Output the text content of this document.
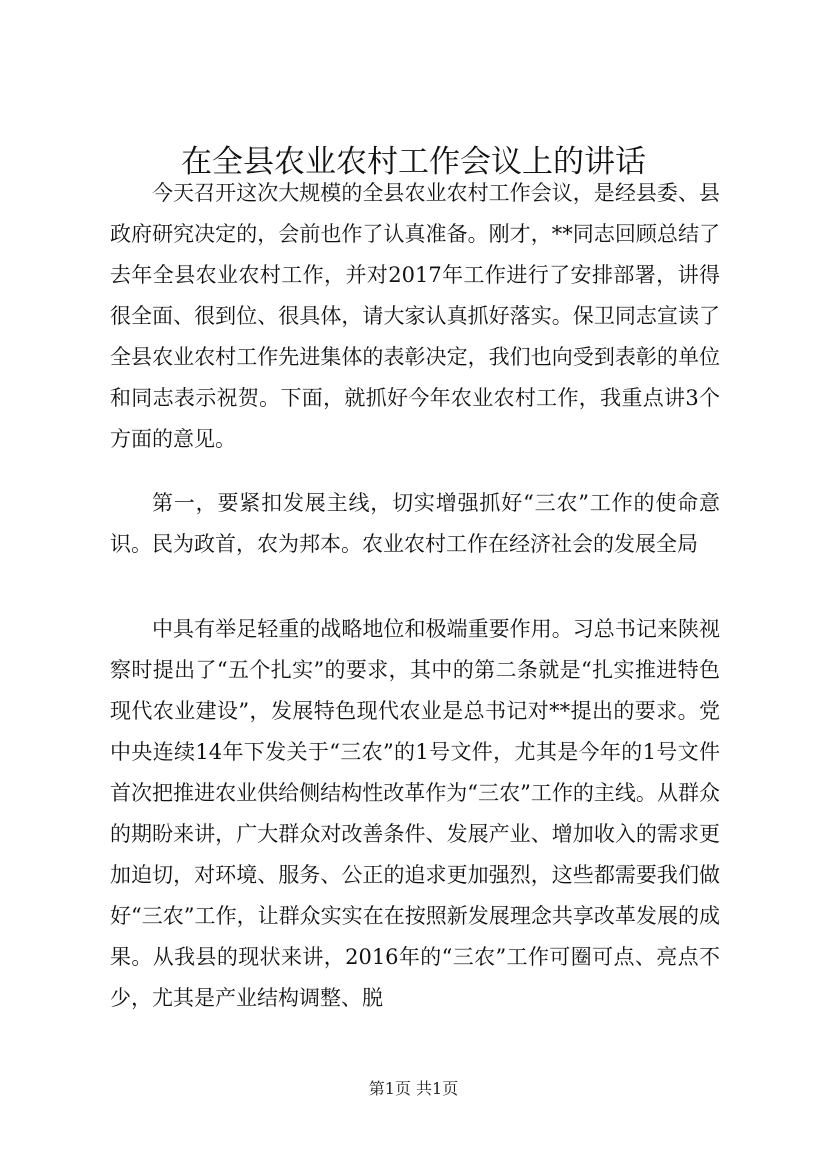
在全县农业农村工作会议上的讲话

今天召开这次大规模的全县农业农村工作会议，是经县委、县政府研究决定的，会前也作了认真准备。刚才，**同志回顾总结了去年全县农业农村工作，并对2017年工作进行了安排部署，讲得很全面、很到位、很具体，请大家认真抓好落实。保卫同志宣读了全县农业农村工作先进集体的表彰决定，我们也向受到表彰的单位和同志表示祝贺。下面，就抓好今年农业农村工作，我重点讲3个方面的意见。

第一，要紧扣发展主线，切实增强抓好“三农”工作的使命意识。民为政首，农为邦本。农业农村工作在经济社会的发展全局

中具有举足轻重的战略地位和极端重要作用。习总书记来陕视察时提出了“五个扎实”的要求，其中的第二条就是“扎实推进特色现代农业建设”，发展特色现代农业是总书记对**提出的要求。党中央连续14年下发关于“三农”的1号文件，尤其是今年的1号文件首次把推进农业供给侧结构性改革作为“三农”工作的主线。从群众的期盼来讲，广大群众对改善条件、发展产业、增加收入的需求更加迫切，对环境、服务、公正的追求更加强烈，这些都需要我们做好“三农”工作，让群众实实在在按照新发展理念共享改革发展的成果。从我县的现状来讲，2016年的“三农”工作可圈可点、亮点不少，尤其是产业结构调整、脱

第1页 共1页
